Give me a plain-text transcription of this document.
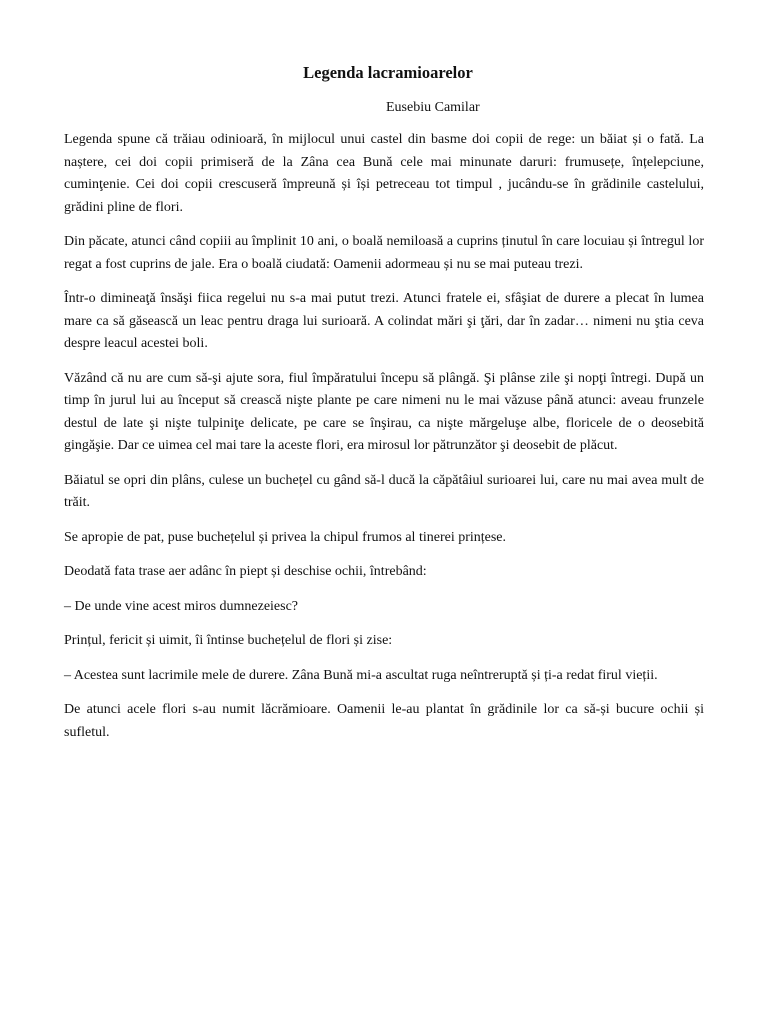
Legenda lacramioarelor

Eusebiu Camilar

Legenda spune că trăiau odinioară, în mijlocul unui castel din basme doi copii de rege: un băiat și o fată. La naștere, cei doi copii primiseră de la Zâna cea Bună cele mai minunate daruri: frumusețe, înțelepciune, cuminţenie. Cei doi copii crescuseră împreună și își petreceau tot timpul , jucându-se în grădinile castelului, grădini pline de flori.

Din păcate, atunci când copiii au împlinit 10 ani, o boală nemiloasă a cuprins ținutul în care locuiau și întregul lor regat a fost cuprins de jale. Era o boală ciudată: Oamenii adormeau și nu se mai puteau trezi.

Într-o dimineaţă însăşi fiica regelui nu s-a mai putut trezi. Atunci fratele ei, sfâşiat de durere a plecat în lumea mare ca să găsească un leac pentru draga lui surioară. A colindat mări şi ţări, dar în zadar… nimeni nu ştia ceva despre leacul acestei boli.

Văzând că nu are cum să-şi ajute sora, fiul împăratului începu să plângă. Şi plânse zile şi nopţi întregi. După un timp în jurul lui au început să crească nişte plante pe care nimeni nu le mai văzuse până atunci: aveau frunzele destul de late şi nişte tulpiniţe delicate, pe care se înşirau, ca nişte mărgeluşe albe, floricele de o deosebită gingăşie. Dar ce uimea cel mai tare la aceste flori, era mirosul lor pătrunzător şi deosebit de plăcut.

Băiatul se opri din plâns, culese un buchețel cu gând să-l ducă la căpătâiul surioarei lui, care nu mai avea mult de trăit.

Se apropie de pat, puse buchețelul și privea la chipul frumos al tinerei prințese.

Deodată fata trase aer adânc în piept și deschise ochii, întrebând:

– De unde vine acest miros dumnezeiesc?

Prințul, fericit și uimit, îi întinse buchețelul de flori și zise:

– Acestea sunt lacrimile mele de durere. Zâna Bună mi-a ascultat ruga neîntreruptă și ți-a redat firul vieții.

De atunci acele flori s-au numit lăcrămioare. Oamenii le-au plantat în grădinile lor ca să-și bucure ochii și sufletul.
